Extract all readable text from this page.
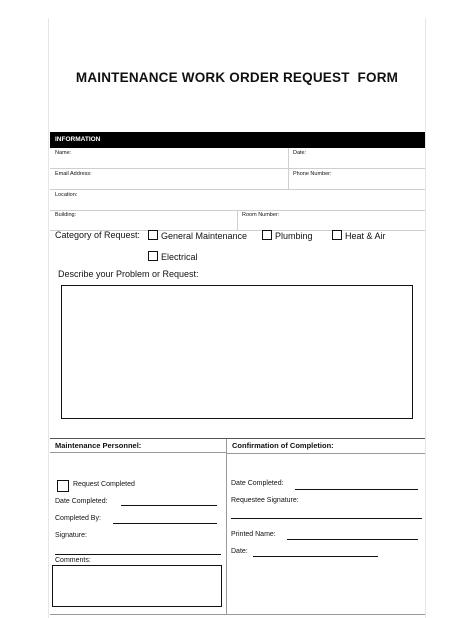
MAINTENANCE WORK ORDER REQUEST  FORM
INFORMATION
Name:	Date:
Email Address:	Phone Number:
Location:
Building:	Room Number:
Category of Request:	General Maintenance	Plumbing	Heat & Air
Electrical
Describe your Problem or Request:
Maintenance Personnel:
Request Completed
Date Completed:
Completed By:
Signature:
Comments:
Confirmation of Completion:
Date Completed:
Requestee Signature:
Printed Name:
Date:
